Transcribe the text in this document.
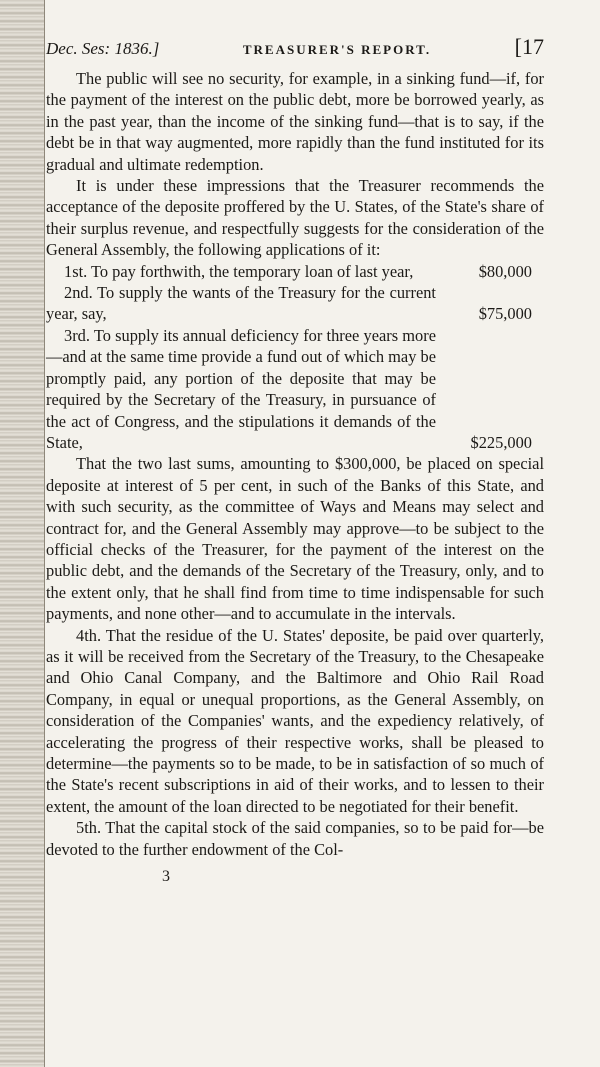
Dec. Ses: 1836.]	TREASURER'S REPORT.	[17

The public will see no security, for example, in a sinking fund—if, for the payment of the interest on the public debt, more be borrowed yearly, as in the past year, than the income of the sinking fund—that is to say, if the debt be in that way augmented, more rapidly than the fund instituted for its gradual and ultimate redemption.

It is under these impressions that the Treasurer recommends the acceptance of the deposite proffered by the U. States, of the State's share of their surplus revenue, and respectfully suggests for the consideration of the General Assembly, the following applications of it:

1st. To pay forthwith, the temporary loan of last year,	$80,000
2nd. To supply the wants of the Treasury for the current year, say,	$75,000
3rd. To supply its annual deficiency for three years more—and at the same time provide a fund out of which may be promptly paid, any portion of the deposite that may be required by the Secretary of the Treasury, in pursuance of the act of Congress, and the stipulations it demands of the State,	$225,000

That the two last sums, amounting to $300,000, be placed on special deposite at interest of 5 per cent, in such of the Banks of this State, and with such security, as the committee of Ways and Means may select and contract for, and the General Assembly may approve—to be subject to the official checks of the Treasurer, for the payment of the interest on the public debt, and the demands of the Secretary of the Treasury, only, and to the extent only, that he shall find from time to time indispensable for such payments, and none other—and to accumulate in the intervals.

4th. That the residue of the U. States' deposite, be paid over quarterly, as it will be received from the Secretary of the Treasury, to the Chesapeake and Ohio Canal Company, and the Baltimore and Ohio Rail Road Company, in equal or unequal proportions, as the General Assembly, on consideration of the Companies' wants, and the expediency relatively, of accelerating the progress of their respective works, shall be pleased to determine—the payments so to be made, to be in satisfaction of so much of the State's recent subscriptions in aid of their works, and to lessen to their extent, the amount of the loan directed to be negotiated for their benefit.

5th. That the capital stock of the said companies, so to be paid for—be devoted to the further endowment of the Col-

3
